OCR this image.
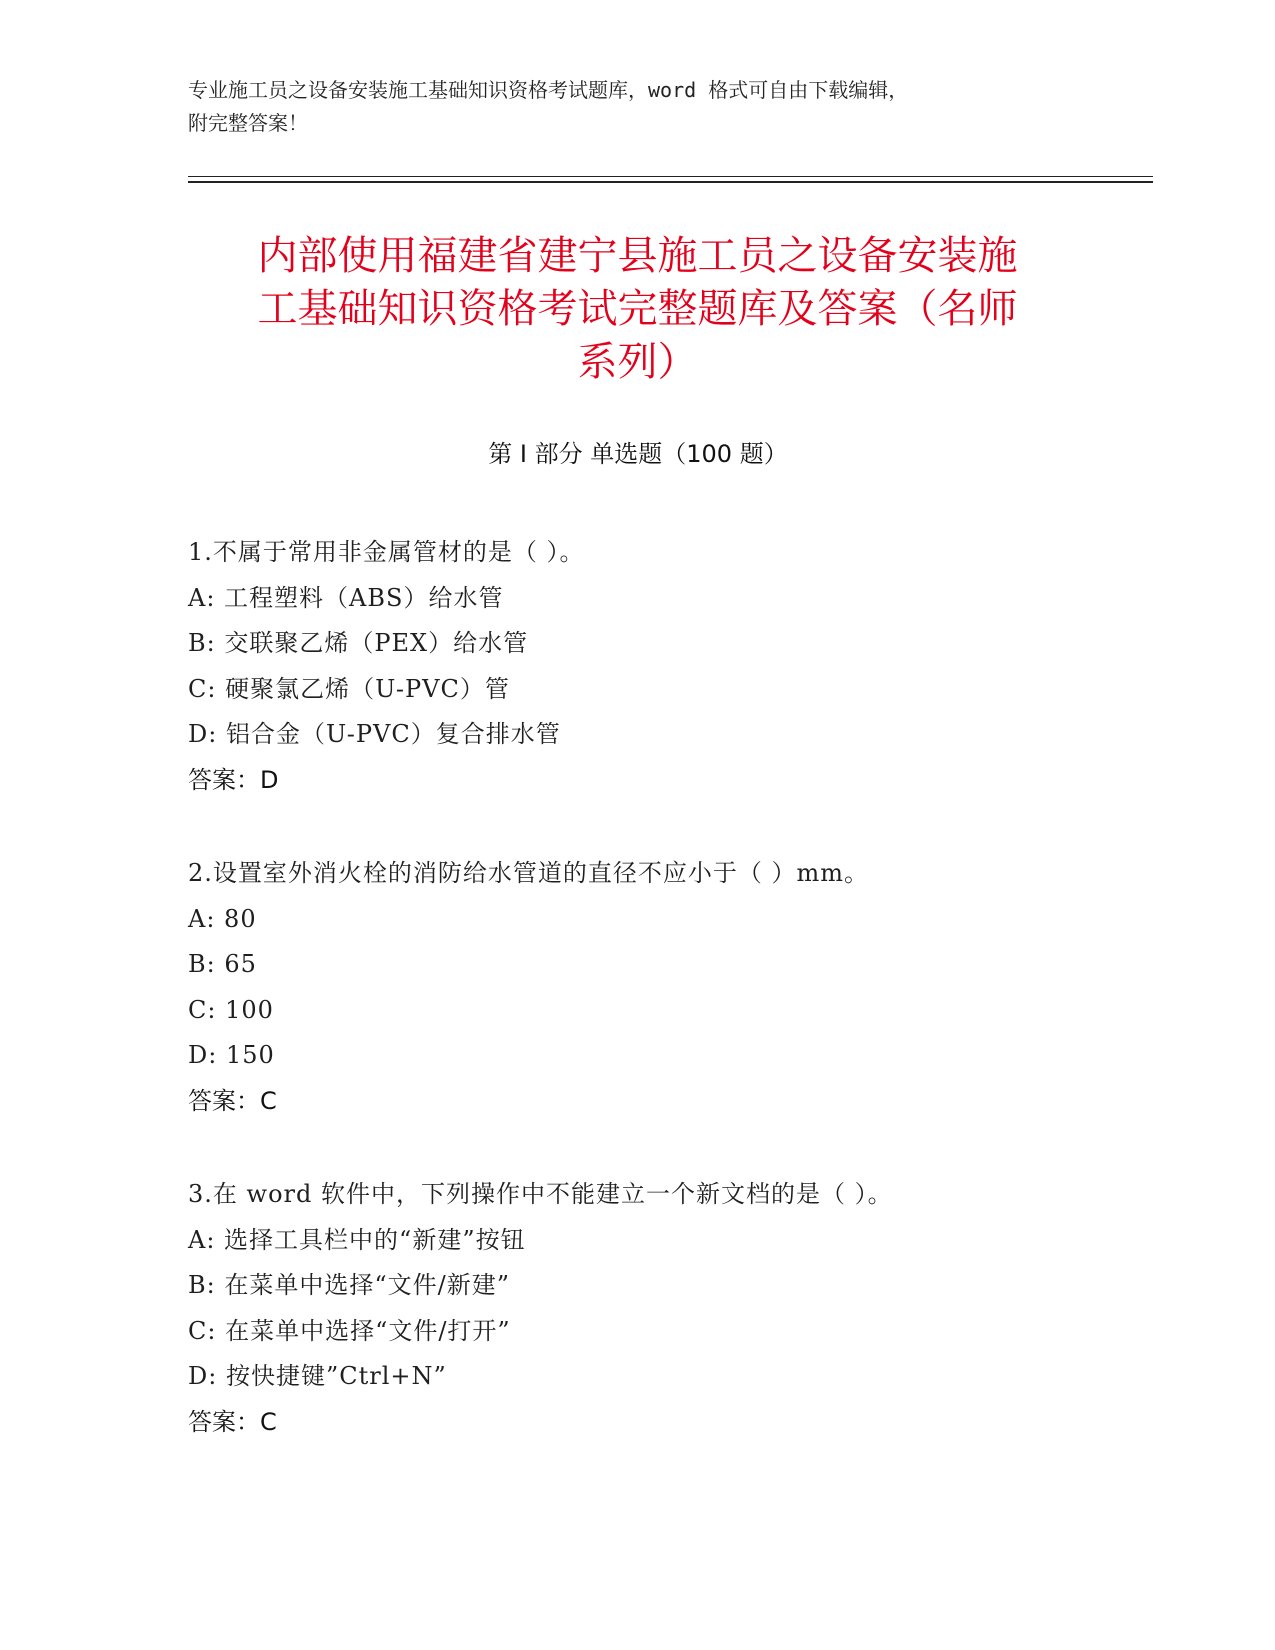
专业施工员之设备安装施工基础知识资格考试题库，word 格式可自由下载编辑，
附完整答案！
内部使用福建省建宁县施工员之设备安装施
工基础知识资格考试完整题库及答案（名师
系列）
第 I 部分 单选题（100 题）
1.不属于常用非金属管材的是（ ）。
A: 工程塑料（ABS）给水管
B: 交联聚乙烯（PEX）给水管
C: 硬聚氯乙烯（U-PVC）管
D: 铝合金（U-PVC）复合排水管
答案：D
2.设置室外消火栓的消防给水管道的直径不应小于（ ）mm。
A: 80
B: 65
C: 100
D: 150
答案：C
3.在 word 软件中，下列操作中不能建立一个新文档的是（ ）。
A: 选择工具栏中的“新建”按钮
B: 在菜单中选择“文件/新建”
C: 在菜单中选择“文件/打开”
D: 按快捷键”Ctrl+N”
答案：C
